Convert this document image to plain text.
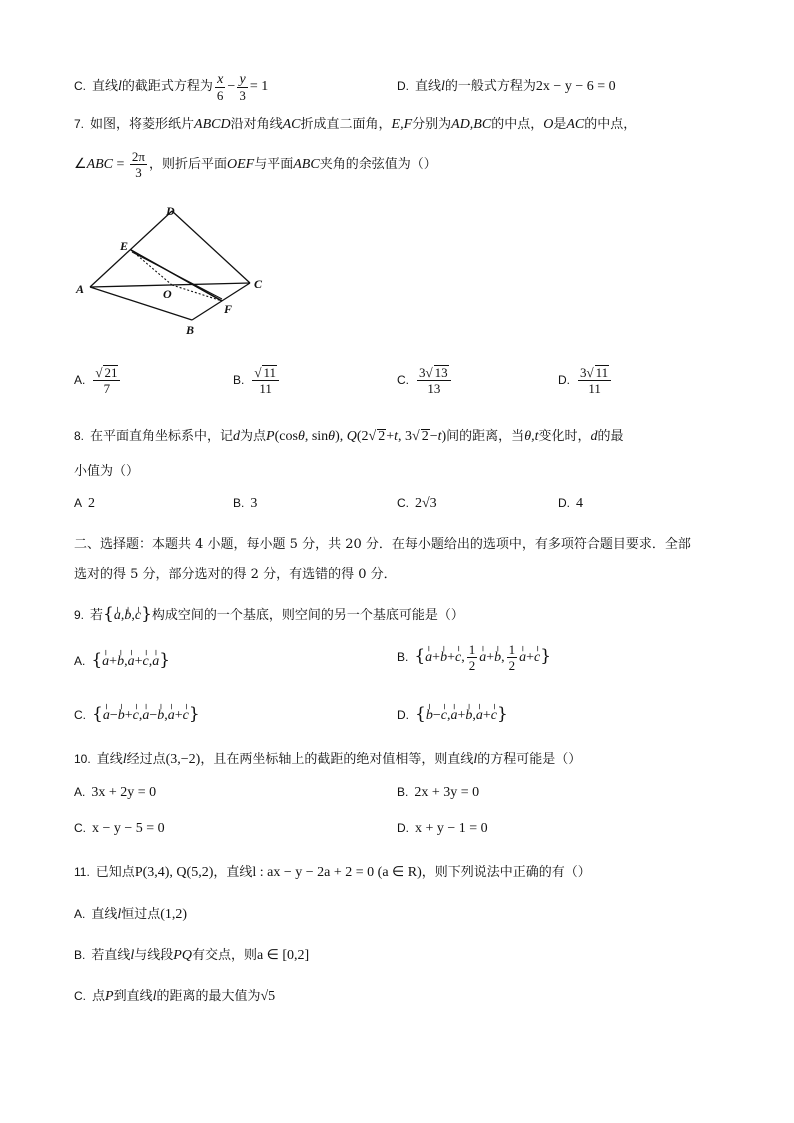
C. 直线l的截距式方程为 $\frac{x}{6} - \frac{y}{3} = 1$	D. 直线l的一般式方程为2x − y − 6 = 0
7. 如图，将菱形纸片ABCD沿对角线AC折成直二面角，E,F分别为AD,BC的中点，O是AC的中点，
∠ABC = $\frac{2\pi}{3}$ ，则折后平面OEF与平面ABC夹角的余弦值为（）
D
E
A	O
C
F
B
A. √ $\frac{21}{7}$	B. √ $\frac{11}{11}$	C. $\frac{3 √ 13}{13}$	D. $\frac{3 √ 11}{11}$
8. 在平面直角坐标系中，记d为点P(cosθ, sinθ), Q(2 √ 2+t, 3 √ 2−t)间的距离，当θ,t变化时，d的最
小值为（）
A 2	B. 3	C. 2√3	D. 4
二、选择题：本题共 4 小题，每小题 5 分，共 20 分．在每小题给出的选项中，有多项符合题目要求．全部
选对的得 5 分，部分选对的得 2 分，有选错的得 0 分．
9. 若{╷ a,╷ b,╷ c}构成空间的一个基底，则空间的另一个基底可能是（）
A. {╷ a+╷ b,╷ a+╷ c,╷ a}	B. {╷ a+╷ b+╷ c, $\frac{1}{2}$ ╷ a+╷ b, $\frac{1}{2}$ ╷ a+╷ c}
C. {╷ a−╷ b+╷ c,╷ a−╷ b,╷ a+╷ c}	D. {╷ b−╷ c,╷ a+╷ b,╷ a+╷ c}
10. 直线l经过点(3,−2)，且在两坐标轴上的截距的绝对值相等，则直线l的方程可能是（）
A. 3x + 2y = 0	B. 2x + 3y = 0
C. x − y − 5 = 0	D. x + y − 1 = 0
11. 已知点P(3,4), Q(5,2)，直线l : ax − y − 2a + 2 = 0 (a ∈ R)，则下列说法中正确的有（）
A. 直线l恒过点(1,2)
B. 若直线l与线段PQ有交点，则a ∈ [0,2]
C. 点P到直线l的距离的最大值为√5
